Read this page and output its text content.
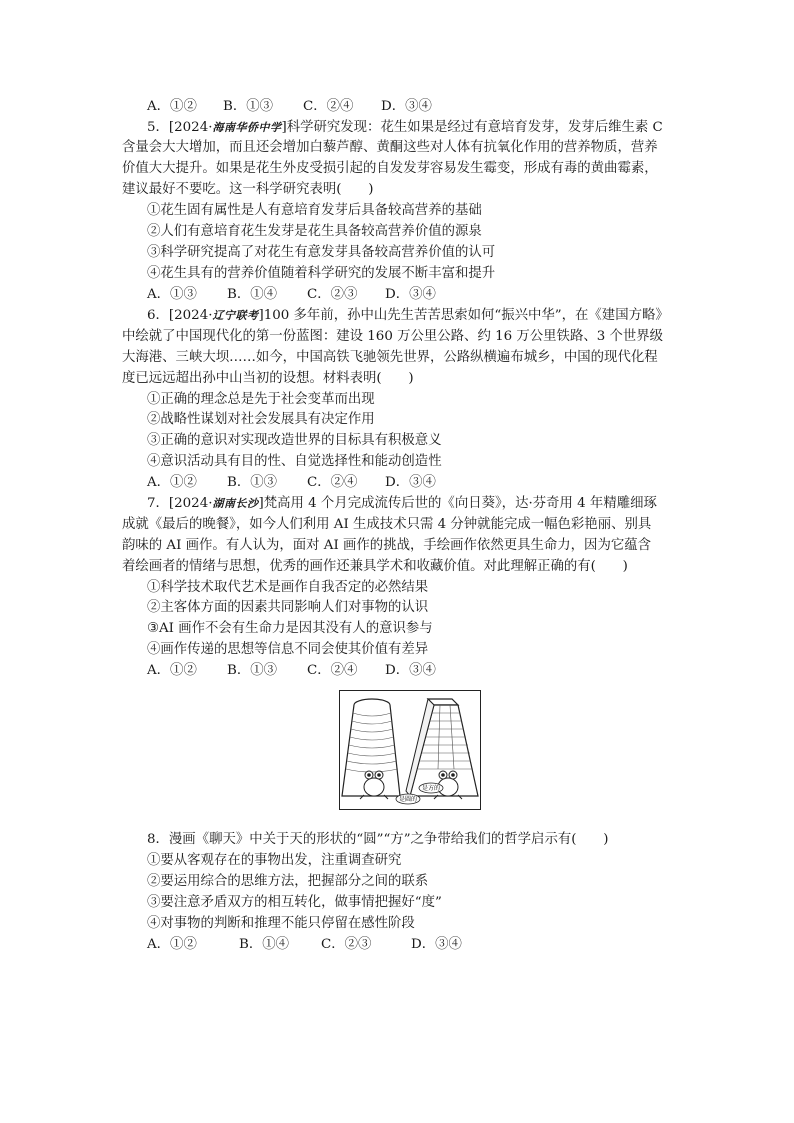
A．①② B．①③ C．②④ D．③④
5．[2024·海南华侨中学]科学研究发现：花生如果是经过有意培育发芽，发芽后维生素 C
含量会大大增加，而且还会增加白藜芦醇、黄酮这些对人体有抗氧化作用的营养物质，营养
价值大大提升。如果是花生外皮受损引起的自发发芽容易发生霉变，形成有毒的黄曲霉素，
建议最好不要吃。这一科学研究表明(　　)
①花生固有属性是人有意培育发芽后具备较高营养的基础
②人们有意培育花生发芽是花生具备较高营养价值的源泉
③科学研究提高了对花生有意发芽具备较高营养价值的认可
④花生具有的营养价值随着科学研究的发展不断丰富和提升
A．①③ B．①④ C．②③ D．③④
6．[2024·辽宁联考]100 多年前，孙中山先生苦苦思索如何“振兴中华”，在《建国方略》
中绘就了中国现代化的第一份蓝图：建设 160 万公里公路、约 16 万公里铁路、3 个世界级
大海港、三峡大坝……如今，中国高铁飞驰领先世界，公路纵横遍布城乡，中国的现代化程
度已远远超出孙中山当初的设想。材料表明(　　)
①正确的理念总是先于社会变革而出现
②战略性谋划对社会发展具有决定作用
③正确的意识对实现改造世界的目标具有积极意义
④意识活动具有目的性、自觉选择性和能动创造性
A．①② B．①③ C．②④ D．③④
7．[2024·湖南长沙]梵高用 4 个月完成流传后世的《向日葵》，达·芬奇用 4 年精雕细琢
成就《最后的晚餐》，如今人们利用 AI 生成技术只需 4 分钟就能完成一幅色彩艳丽、别具
韵味的 AI 画作。有人认为，面对 AI 画作的挑战，手绘画作依然更具生命力，因为它蕴含
着绘画者的情绪与思想，优秀的画作还兼具学术和收藏价值。对此理解正确的有(　　)
①科学技术取代艺术是画作自我否定的必然结果
②主客体方面的因素共同影响人们对事物的认识
③AI 画作不会有生命力是因其没有人的意识参与
④画作传递的思想等信息不同会使其价值有差异
A．①② B．①③ C．②④ D．③④
是方的
是圆的
8．漫画《聊天》中关于天的形状的“圆”“方”之争带给我们的哲学启示有(　　)
①要从客观存在的事物出发，注重调查研究
②要运用综合的思维方法，把握部分之间的联系
③要注意矛盾双方的相互转化，做事情把握好“度”
④对事物的判断和推理不能只停留在感性阶段
A．①②	B．①④ C．②③	D．③④
